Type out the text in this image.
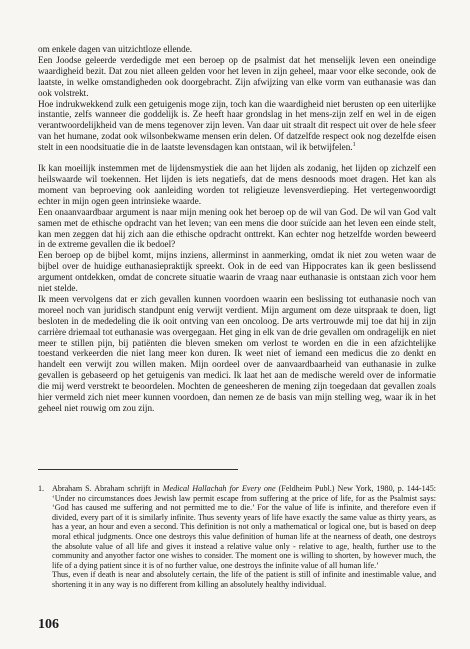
om enkele dagen van uitzichtloze ellende.

Een Joodse geleerde verdedigde met een beroep op de psalmist dat het menselijk leven een oneindige waardigheid bezit. Dat zou niet alleen gelden voor het leven in zijn geheel, maar voor elke seconde, ook de laatste, in welke omstandigheden ook doorgebracht. Zijn afwijzing van elke vorm van euthanasie was dan ook volstrekt.

Hoe indrukwekkend zulk een getuigenis moge zijn, toch kan die waardigheid niet berusten op een uiterlijke instantie, zelfs wanneer die goddelijk is. Ze heeft haar grondslag in het mens-zijn zelf en wel in de eigen verantwoordelijkheid van de mens tegenover zijn leven. Van daar uit straalt dit respect uit over de hele sfeer van het humane, zodat ook wilsonbekwame mensen erin delen. Of datzelfde respect ook nog dezelfde eisen stelt in een noodsituatie die in de laatste levensdagen kan ontstaan, wil ik betwijfelen.$^1$

Ik kan moeilijk instemmen met de lijdensmystiek die aan het lijden als zodanig, het lijden op zichzelf een heilswaarde wil toekennen. Het lijden is iets negatiefs, dat de mens desnoods moet dragen. Het kan als moment van beproeving ook aanleiding worden tot religieuze levensverdieping. Het vertegenwoordigt echter in mijn ogen geen intrinsieke waarde.

Een onaanvaardbaar argument is naar mijn mening ook het beroep op de wil van God. De wil van God valt samen met de ethische opdracht van het leven; van een mens die door suïcide aan het leven een einde stelt, kan men zeggen dat hij zich aan die ethische opdracht onttrekt. Kan echter nog hetzelfde worden beweerd in de extreme gevallen die ik bedoel?

Een beroep op de bijbel komt, mijns inziens, allerminst in aanmerking, omdat ik niet zou weten waar de bijbel over de huidige euthanasiepraktijk spreekt. Ook in de eed van Hippocrates kan ik geen beslissend argument ontdekken, omdat de concrete situatie waarin de vraag naar euthanasie is ontstaan zich voor hem niet stelde.

Ik meen vervolgens dat er zich gevallen kunnen voordoen waarin een beslissing tot euthanasie noch van moreel noch van juridisch standpunt enig verwijt verdient. Mijn argument om deze uitspraak te doen, ligt besloten in de mededeling die ik ooit ontving van een oncoloog. De arts vertrouwde mij toe dat hij in zijn carrière driemaal tot euthanasie was overgegaan. Het ging in elk van de drie gevallen om ondragelijk en niet meer te stillen pijn, bij patiënten die bleven smeken om verlost te worden en die in een afzichtelijke toestand verkeerden die niet lang meer kon duren. Ik weet niet of iemand een medicus die zo denkt en handelt een verwijt zou willen maken. Mijn oordeel over de aanvaardbaarheid van euthanasie in zulke gevallen is gebaseerd op het getuigenis van medici. Ik laat het aan de medische wereld over de informatie die mij werd verstrekt te beoordelen. Mochten de geneesheren de mening zijn toegedaan dat gevallen zoals hier vermeld zich niet meer kunnen voordoen, dan nemen ze de basis van mijn stelling weg, waar ik in het geheel niet rouwig om zou zijn.

1. Abraham S. Abraham schrijft in Medical Hallachah for Every one (Feldheim Publ.) New York, 1980, p. 144-145: ‘Under no circumstances does Jewish law permit escape from suffering at the price of life, for as the Psalmist says: ‘God has caused me suffering and not permitted me to die.’ For the value of life is infinite, and therefore even if divided, every part of it is similarly infinite. Thus seventy years of life have exactly the same value as thirty years, as has a year, an hour and even a second. This definition is not only a mathematical or logical one, but is based on deep moral ethical judgments. Once one destroys this value definition of human life at the nearness of death, one destroys the absolute value of all life and gives it instead a relative value only - relative to age, health, further use to the community and anyother factor one wishes to consider. The moment one is willing to shorten, by however much, the life of a dying patient since it is of no further value, one destroys the infinite value of all human life.’

Thus, even if death is near and absolutely certain, the life of the patient is still of infinite and inestimable value, and shortening it in any way is no different from killing an absolutely healthy individual.

106
